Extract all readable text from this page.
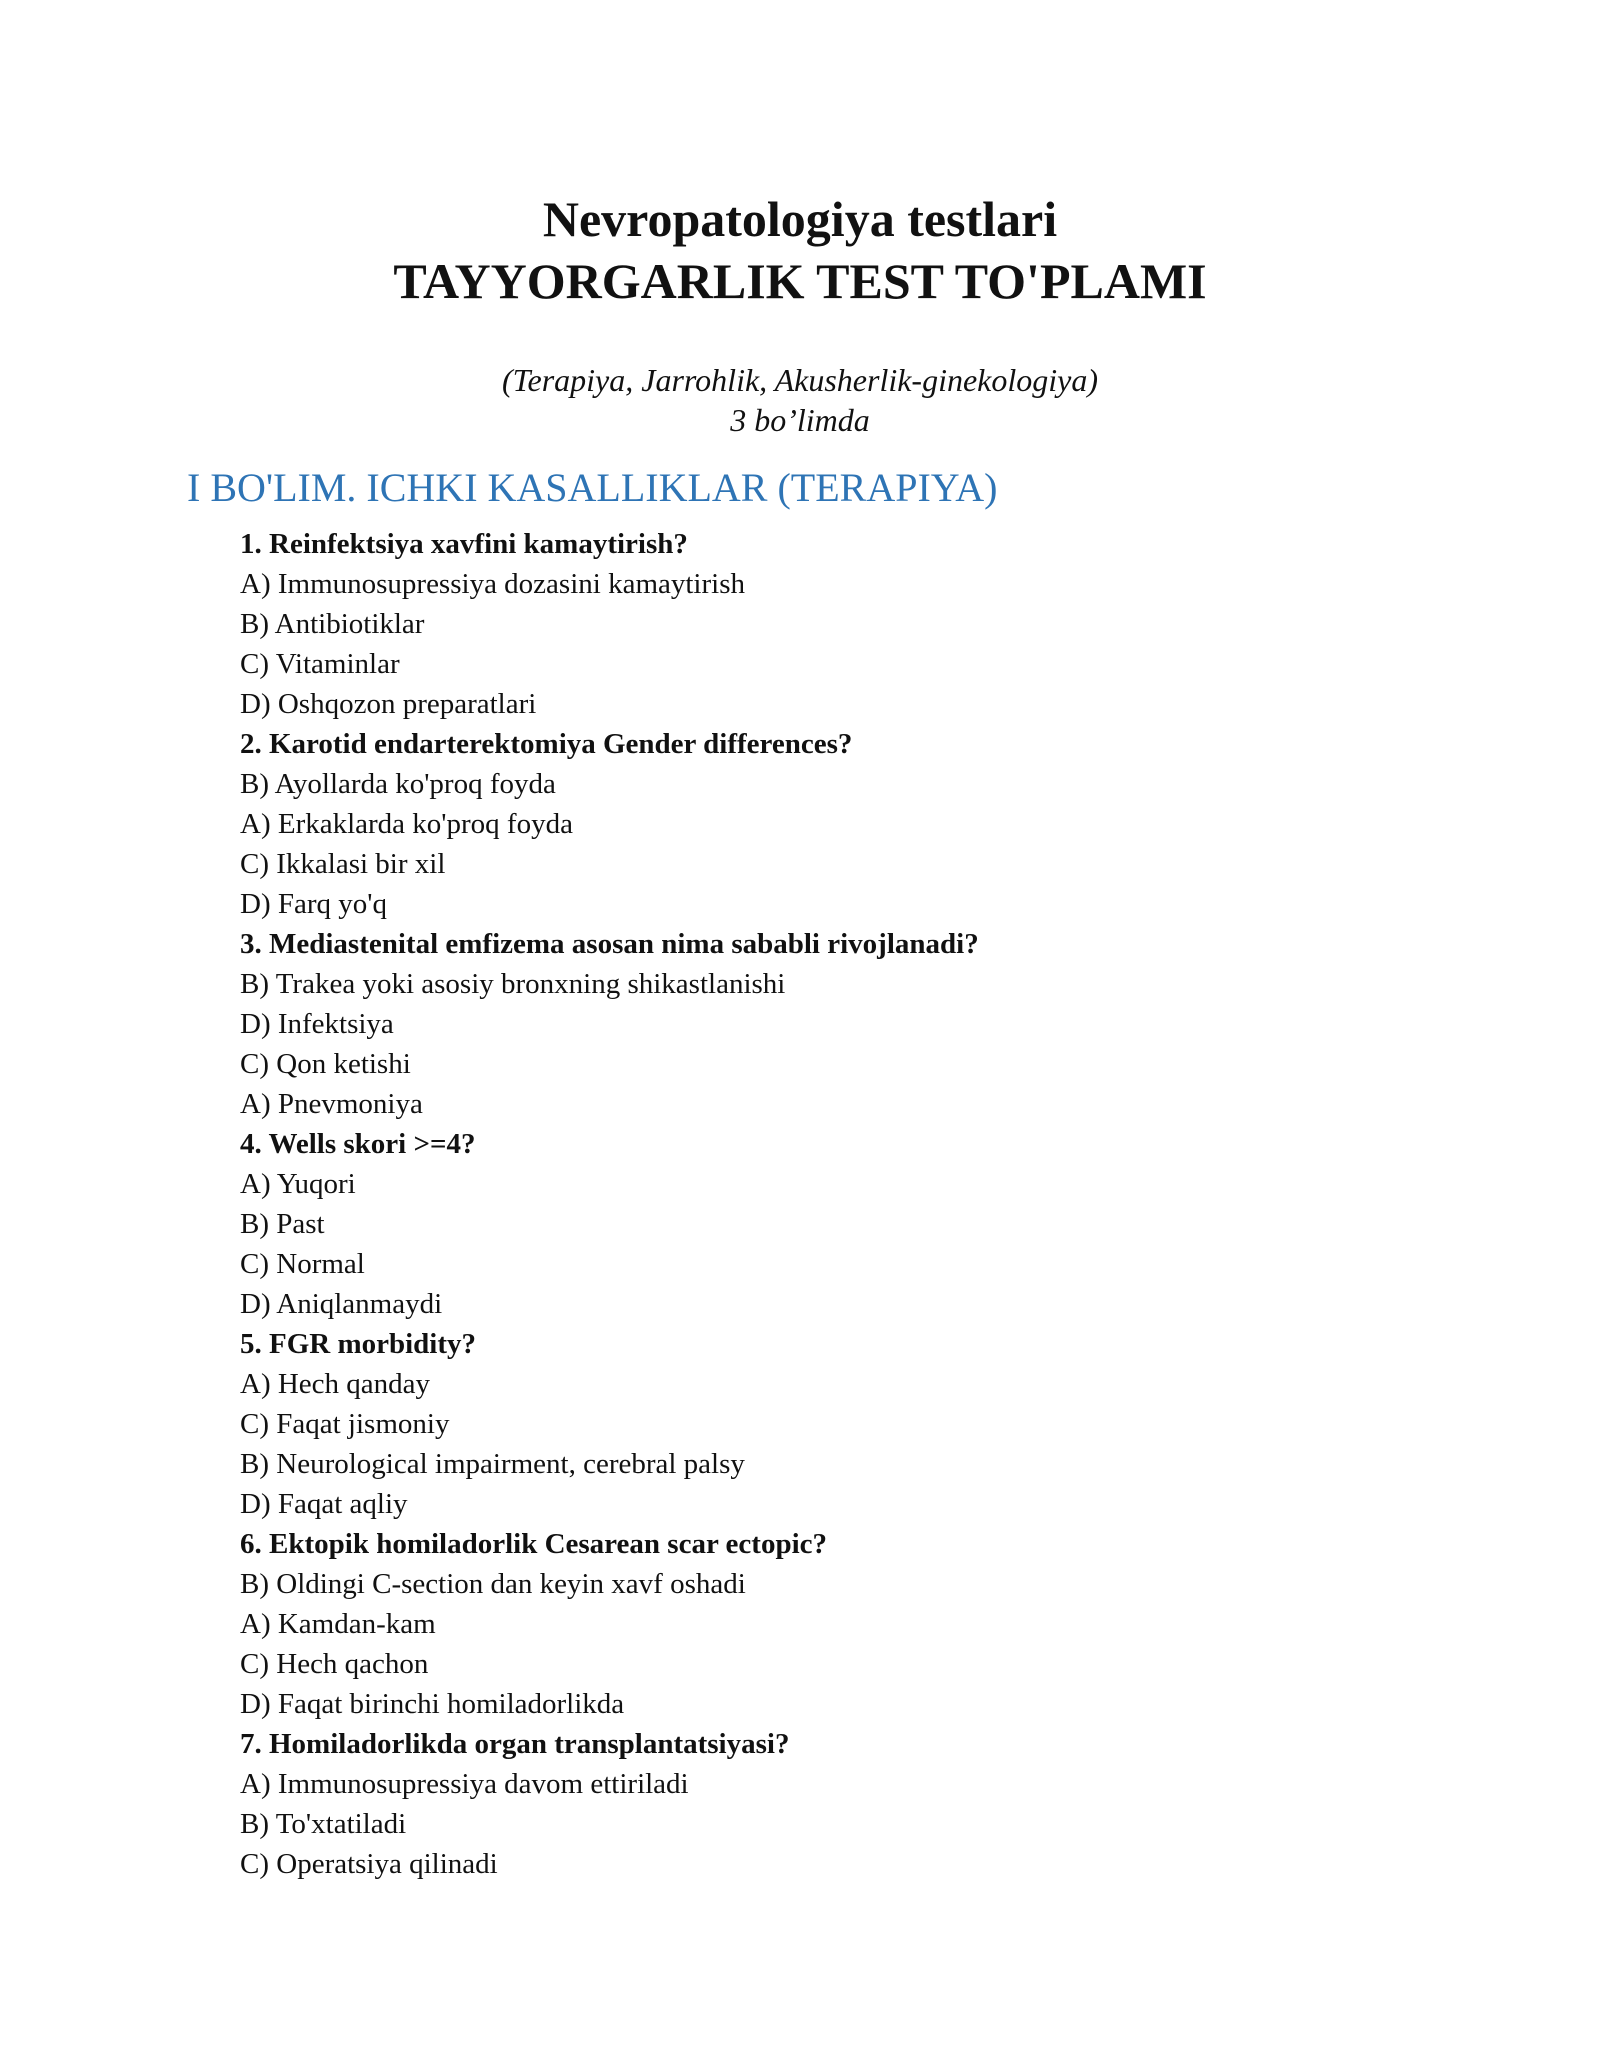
Nevropatologiya testlari

TAYYORGARLIK TEST TO'PLAMI

(Terapiya, Jarrohlik, Akusherlik-ginekologiya)

3 bo’limda

I BO'LIM. ICHKI KASALLIKLAR (TERAPIYA)
1. Reinfektsiya xavfini kamaytirish?
A) Immunosupressiya dozasini kamaytirish
B) Antibiotiklar
C) Vitaminlar
D) Oshqozon preparatlari
2. Karotid endarterektomiya Gender differences?
B) Ayollarda ko'proq foyda
A) Erkaklarda ko'proq foyda
C) Ikkalasi bir xil
D) Farq yo'q
3. Mediastenital emfizema asosan nima sababli rivojlanadi?
B) Trakea yoki asosiy bronxning shikastlanishi
D) Infektsiya
C) Qon ketishi
A) Pnevmoniya
4. Wells skori >=4?
A) Yuqori
B) Past
C) Normal
D) Aniqlanmaydi
5. FGR morbidity?
A) Hech qanday
C) Faqat jismoniy
B) Neurological impairment, cerebral palsy
D) Faqat aqliy
6. Ektopik homiladorlik Cesarean scar ectopic?
B) Oldingi C-section dan keyin xavf oshadi
A) Kamdan-kam
C) Hech qachon
D) Faqat birinchi homiladorlikda
7. Homiladorlikda organ transplantatsiyasi?
A) Immunosupressiya davom ettiriladi
B) To'xtatiladi
C) Operatsiya qilinadi
